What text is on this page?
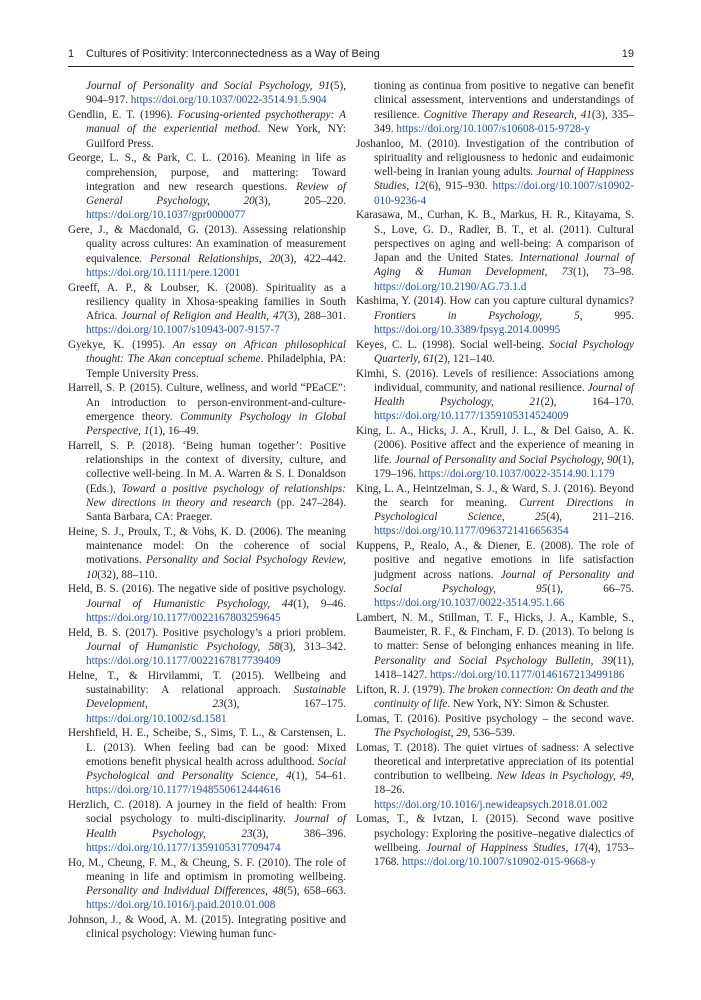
1 Cultures of Positivity: Interconnectedness as a Way of Being	19

Journal of Personality and Social Psychology, 91(5), 904–917. https://doi.org/10.1037/0022-3514.91.5.904

Gendlin, E. T. (1996). Focusing-oriented psychotherapy: A manual of the experiential method. New York, NY: Guilford Press.

George, L. S., & Park, C. L. (2016). Meaning in life as comprehension, purpose, and mattering: Toward integration and new research questions. Review of General Psychology, 20(3), 205–220. https://doi.org/10.1037/gpr0000077

Gere, J., & Macdonald, G. (2013). Assessing relationship quality across cultures: An examination of measurement equivalence. Personal Relationships, 20(3), 422–442. https://doi.org/10.1111/pere.12001

Greeff, A. P., & Loubser, K. (2008). Spirituality as a resiliency quality in Xhosa-speaking families in South Africa. Journal of Religion and Health, 47(3), 288–301. https://doi.org/10.1007/s10943-007-9157-7

Gyekye, K. (1995). An essay on African philosophical thought: The Akan conceptual scheme. Philadelphia, PA: Temple University Press.

Harrell, S. P. (2015). Culture, wellness, and world “PEaCE”: An introduction to person-environment-and-culture-emergence theory. Community Psychology in Global Perspective, 1(1), 16–49.

Harrell, S. P. (2018). ‘Being human together’: Positive relationships in the context of diversity, culture, and collective well-being. In M. A. Warren & S. I. Donaldson (Eds.), Toward a positive psychology of relationships: New directions in theory and research (pp. 247–284). Santa Barbara, CA: Praeger.

Heine, S. J., Proulx, T., & Vohs, K. D. (2006). The meaning maintenance model: On the coherence of social motivations. Personality and Social Psychology Review, 10(32), 88–110.

Held, B. S. (2016). The negative side of positive psychology. Journal of Humanistic Psychology, 44(1), 9–46. https://doi.org/10.1177/0022167803259645

Held, B. S. (2017). Positive psychology’s a priori problem. Journal of Humanistic Psychology, 58(3), 313–342. https://doi.org/10.1177/0022167817739409

Helne, T., & Hirvilammi, T. (2015). Wellbeing and sustainability: A relational approach. Sustainable Development, 23(3), 167–175. https://doi.org/10.1002/sd.1581

Hershfield, H. E., Scheibe, S., Sims, T. L., & Carstensen, L. L. (2013). When feeling bad can be good: Mixed emotions benefit physical health across adulthood. Social Psychological and Personality Science, 4(1), 54–61. https://doi.org/10.1177/1948550612444616

Herzlich, C. (2018). A journey in the field of health: From social psychology to multi-disciplinarity. Journal of Health Psychology, 23(3), 386–396. https://doi.org/10.1177/1359105317709474

Ho, M., Cheung, F. M., & Cheung, S. F. (2010). The role of meaning in life and optimism in promoting wellbeing. Personality and Individual Differences, 48(5), 658–663. https://doi.org/10.1016/j.paid.2010.01.008

Johnson, J., & Wood, A. M. (2015). Integrating positive and clinical psychology: Viewing human func-

tioning as continua from positive to negative can benefit clinical assessment, interventions and understandings of resilience. Cognitive Therapy and Research, 41(3), 335–349. https://doi.org/10.1007/s10608-015-9728-y

Joshanloo, M. (2010). Investigation of the contribution of spirituality and religiousness to hedonic and eudaimonic well-being in Iranian young adults. Journal of Happiness Studies, 12(6), 915–930. https://doi.org/10.1007/s10902-010-9236-4

Karasawa, M., Curhan, K. B., Markus, H. R., Kitayama, S. S., Love, G. D., Radler, B. T., et al. (2011). Cultural perspectives on aging and well-being: A comparison of Japan and the United States. International Journal of Aging & Human Development, 73(1), 73–98. https://doi.org/10.2190/AG.73.1.d

Kashima, Y. (2014). How can you capture cultural dynamics? Frontiers in Psychology, 5, 995. https://doi.org/10.3389/fpsyg.2014.00995

Keyes, C. L. (1998). Social well-being. Social Psychology Quarterly, 61(2), 121–140.

Kimhi, S. (2016). Levels of resilience: Associations among individual, community, and national resilience. Journal of Health Psychology, 21(2), 164–170. https://doi.org/10.1177/1359105314524009

King, L. A., Hicks, J. A., Krull, J. L., & Del Gaiso, A. K. (2006). Positive affect and the experience of meaning in life. Journal of Personality and Social Psychology, 90(1), 179–196. https://doi.org/10.1037/0022-3514.90.1.179

King, L. A., Heintzelman, S. J., & Ward, S. J. (2016). Beyond the search for meaning. Current Directions in Psychological Science, 25(4), 211–216. https://doi.org/10.1177/0963721416656354

Kuppens, P., Realo, A., & Diener, E. (2008). The role of positive and negative emotions in life satisfaction judgment across nations. Journal of Personality and Social Psychology, 95(1), 66–75. https://doi.org/10.1037/0022-3514.95.1.66

Lambert, N. M., Stillman, T. F., Hicks, J. A., Kamble, S., Baumeister, R. F., & Fincham, F. D. (2013). To belong is to matter: Sense of belonging enhances meaning in life. Personality and Social Psychology Bulletin, 39(11), 1418–1427. https://doi.org/10.1177/0146167213499186

Lifton, R. J. (1979). The broken connection: On death and the continuity of life. New York, NY: Simon & Schuster.

Lomas, T. (2016). Positive psychology – the second wave. The Psychologist, 29, 536–539.

Lomas, T. (2018). The quiet virtues of sadness: A selective theoretical and interpretative appreciation of its potential contribution to wellbeing. New Ideas in Psychology, 49, 18–26. https://doi.org/10.1016/j.newideapsych.2018.01.002

Lomas, T., & Ivtzan, I. (2015). Second wave positive psychology: Exploring the positive–negative dialectics of wellbeing. Journal of Happiness Studies, 17(4), 1753–1768. https://doi.org/10.1007/s10902-015-9668-y
